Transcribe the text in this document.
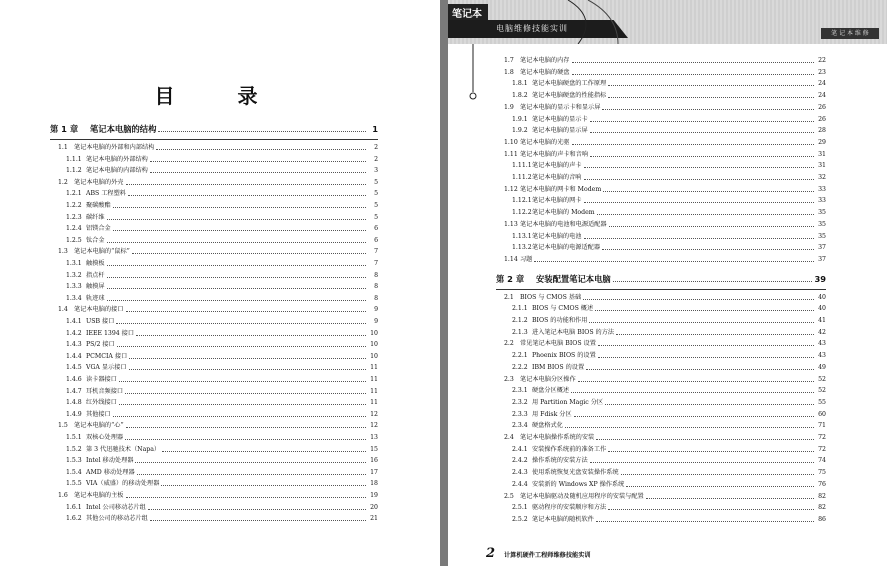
目 录
第 1 章	笔记本电脑的结构	1
1.1 笔记本电脑的外部和内部结构	2
1.1.1 笔记本电脑的外部结构	2
1.1.2 笔记本电脑的内部结构	3
1.2 笔记本电脑的外壳	5
1.2.1 ABS 工程塑料	5
1.2.2 聚碳酸酯	5
1.2.3 碳纤维	5
1.2.4 铝镁合金	6
1.2.5 钛合金	6
1.3 笔记本电脑的“鼠标”	7
1.3.1 触摸板	7
1.3.2 指点杆	8
1.3.3 触摸屏	8
1.3.4 轨迹球	8
1.4 笔记本电脑的接口	9
1.4.1 USB 接口	9
1.4.2 IEEE 1394 接口	10
1.4.3 PS/2 接口	10
1.4.4 PCMCIA 接口	10
1.4.5 VGA 显示接口	11
1.4.6 读卡器接口	11
1.4.7 耳机音频接口	11
1.4.8 红外线接口	11
1.4.9 其他接口	12
1.5 笔记本电脑的“心”	12
1.5.1 双核心处理器	13
1.5.2 第 3 代迅驰技术（Napa）	15
1.5.3 Intel 移动处理器	16
1.5.4 AMD 移动处理器	17
1.5.5 VIA（威盛）的移动处理器	18
1.6 笔记本电脑的主板	19
1.6.1 Intel 公司移动芯片组	20
1.6.2 其他公司的移动芯片组	21
笔记本
电脑维修技能实训
笔 记 本 维 修
1.7 笔记本电脑的内存	22
1.8 笔记本电脑的硬盘	23
1.8.1 笔记本电脑硬盘的工作原理	24
1.8.2 笔记本电脑硬盘的性能指标	24
1.9 笔记本电脑的显示卡和显示屏	26
1.9.1 笔记本电脑的显示卡	26
1.9.2 笔记本电脑的显示屏	28
1.10 笔记本电脑的光驱	29
1.11 笔记本电脑的声卡和音响	31
1.11.1 笔记本电脑的声卡	31
1.11.2 笔记本电脑的音响	32
1.12 笔记本电脑的网卡和 Modem	33
1.12.1 笔记本电脑的网卡	33
1.12.2 笔记本电脑的 Modem	35
1.13 笔记本电脑的电池和电源适配器	35
1.13.1 笔记本电脑的电池	35
1.13.2 笔记本电脑的电源适配器	37
1.14 习题	37
第 2 章	安装配置笔记本电脑	39
2.1 BIOS 与 CMOS 基础	40
2.1.1 BIOS 与 CMOS 概述	40
2.1.2 BIOS 的功能和作用	41
2.1.3 进入笔记本电脑 BIOS 的方法	42
2.2 常见笔记本电脑 BIOS 设置	43
2.2.1 Phoenix BIOS 的设置	43
2.2.2 IBM BIOS 的设置	49
2.3 笔记本电脑分区操作	52
2.3.1 硬盘分区概述	52
2.3.2 用 Partition Magic 分区	55
2.3.3 用 Fdisk 分区	60
2.3.4 硬盘格式化	71
2.4 笔记本电脑操作系统的安装	72
2.4.1 安装操作系统前的准备工作	72
2.4.2 操作系统的安装方法	74
2.4.3 使用系统恢复光盘安装操作系统	75
2.4.4 安装新的 Windows XP 操作系统	76
2.5 笔记本电脑驱动及随机应用程序的安装与配置	82
2.5.1 驱动程序的安装顺序和方法	82
2.5.2 笔记本电脑的随机软件	86
2 计算机硬件工程师维修技能实训
